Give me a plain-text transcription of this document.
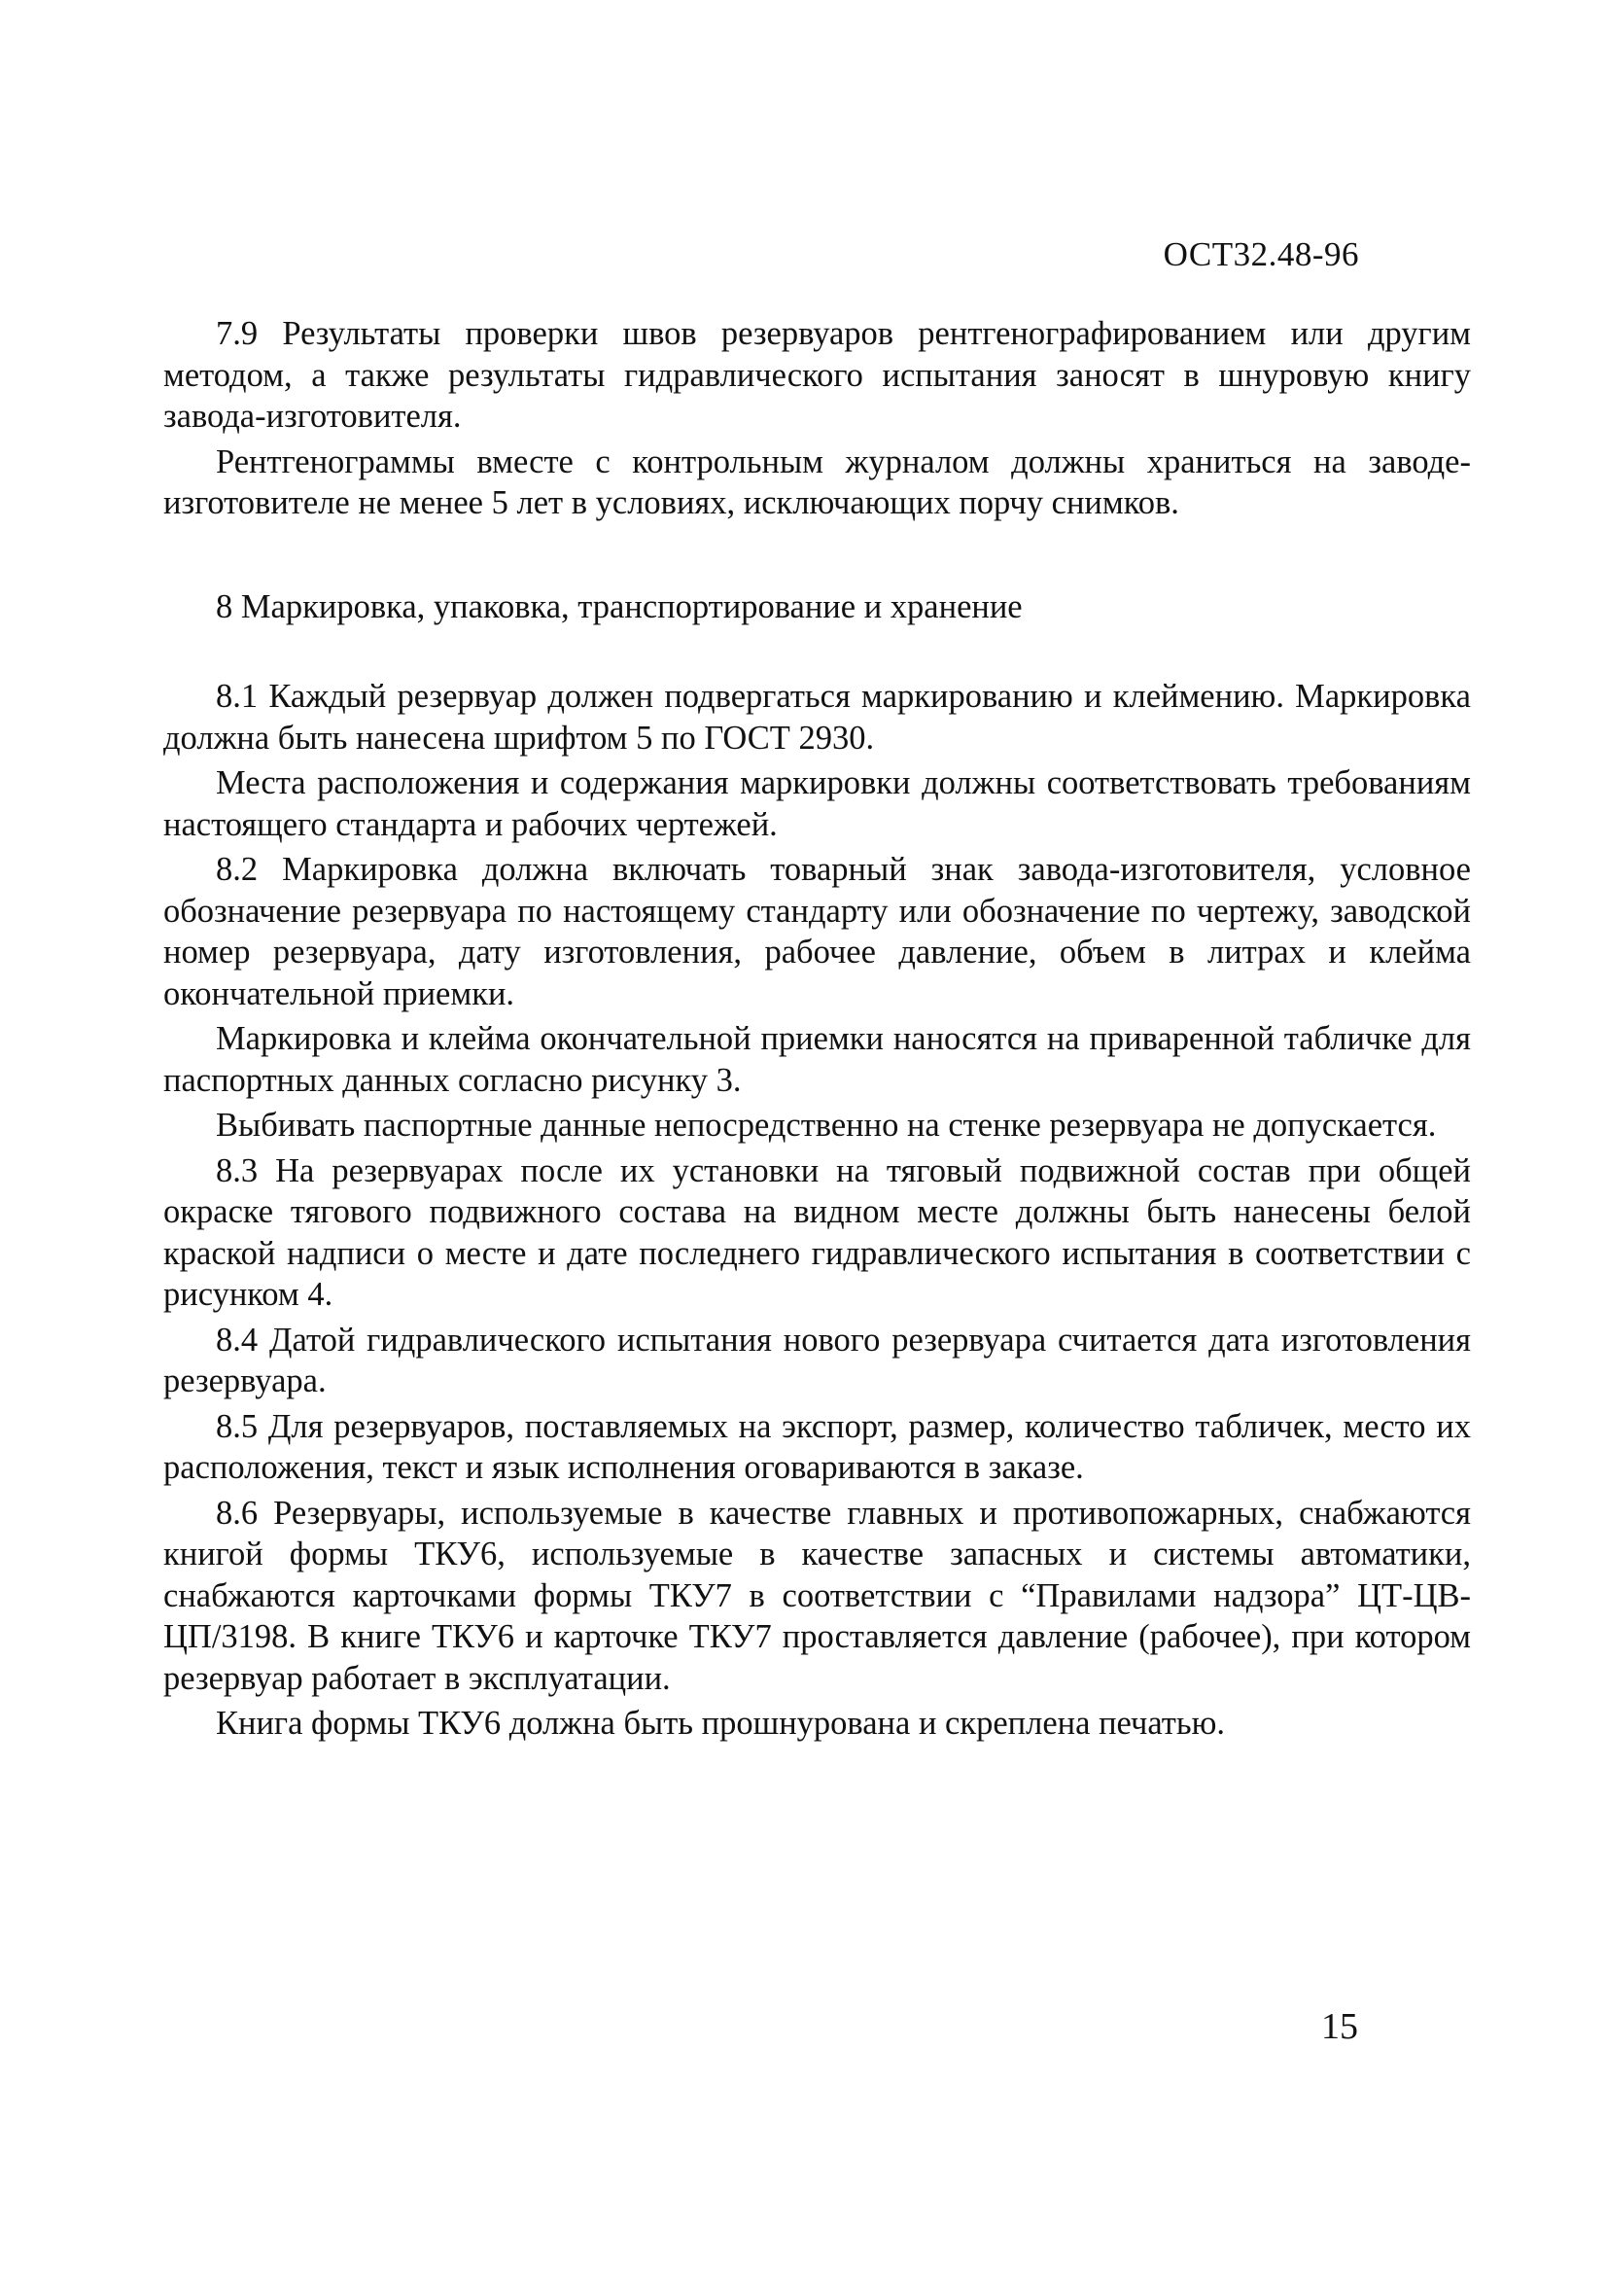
ОСТ32.48-96

7.9 Результаты проверки швов резервуаров рентгенографированием или другим методом, а также результаты гидравлического испытания заносят в шнуровую книгу завода-изготовителя.

Рентгенограммы вместе с контрольным журналом должны храниться на заводе-изготовителе не менее 5 лет в условиях, исключающих порчу снимков.

8 Маркировка, упаковка, транспортирование и хранение

8.1 Каждый резервуар должен подвергаться маркированию и клеймению. Маркировка должна быть нанесена шрифтом 5 по ГОСТ 2930.

Места расположения и содержания маркировки должны соответствовать требованиям настоящего стандарта и рабочих чертежей.

8.2 Маркировка должна включать товарный знак завода-изготовителя, условное обозначение резервуара по настоящему стандарту или обозначение по чертежу, заводской номер резервуара, дату изготовления, рабочее давление, объем в литрах и клейма окончательной приемки.

Маркировка и клейма окончательной приемки наносятся на приваренной табличке для паспортных данных согласно рисунку 3.

Выбивать паспортные данные непосредственно на стенке резервуара не допускается.

8.3 На резервуарах после их установки на тяговый подвижной состав при общей окраске тягового подвижного состава на видном месте должны быть нанесены белой краской надписи о месте и дате последнего гидравлического испытания в соответствии с рисунком 4.

8.4 Датой гидравлического испытания нового резервуара считается дата изготовления резервуара.

8.5 Для резервуаров, поставляемых на экспорт, размер, количество табличек, место их расположения, текст и язык исполнения оговариваются в заказе.

8.6 Резервуары, используемые в качестве главных и противопожарных, снабжаются книгой формы ТКУ6, используемые в качестве запасных и системы автоматики, снабжаются карточками формы ТКУ7 в соответствии с “Правилами надзора” ЦТ-ЦВ-ЦП/3198. В книге ТКУ6 и карточке ТКУ7 проставляется давление (рабочее), при котором резервуар работает в эксплуатации.

Книга формы ТКУ6 должна быть прошнурована и скреплена печатью.

15
